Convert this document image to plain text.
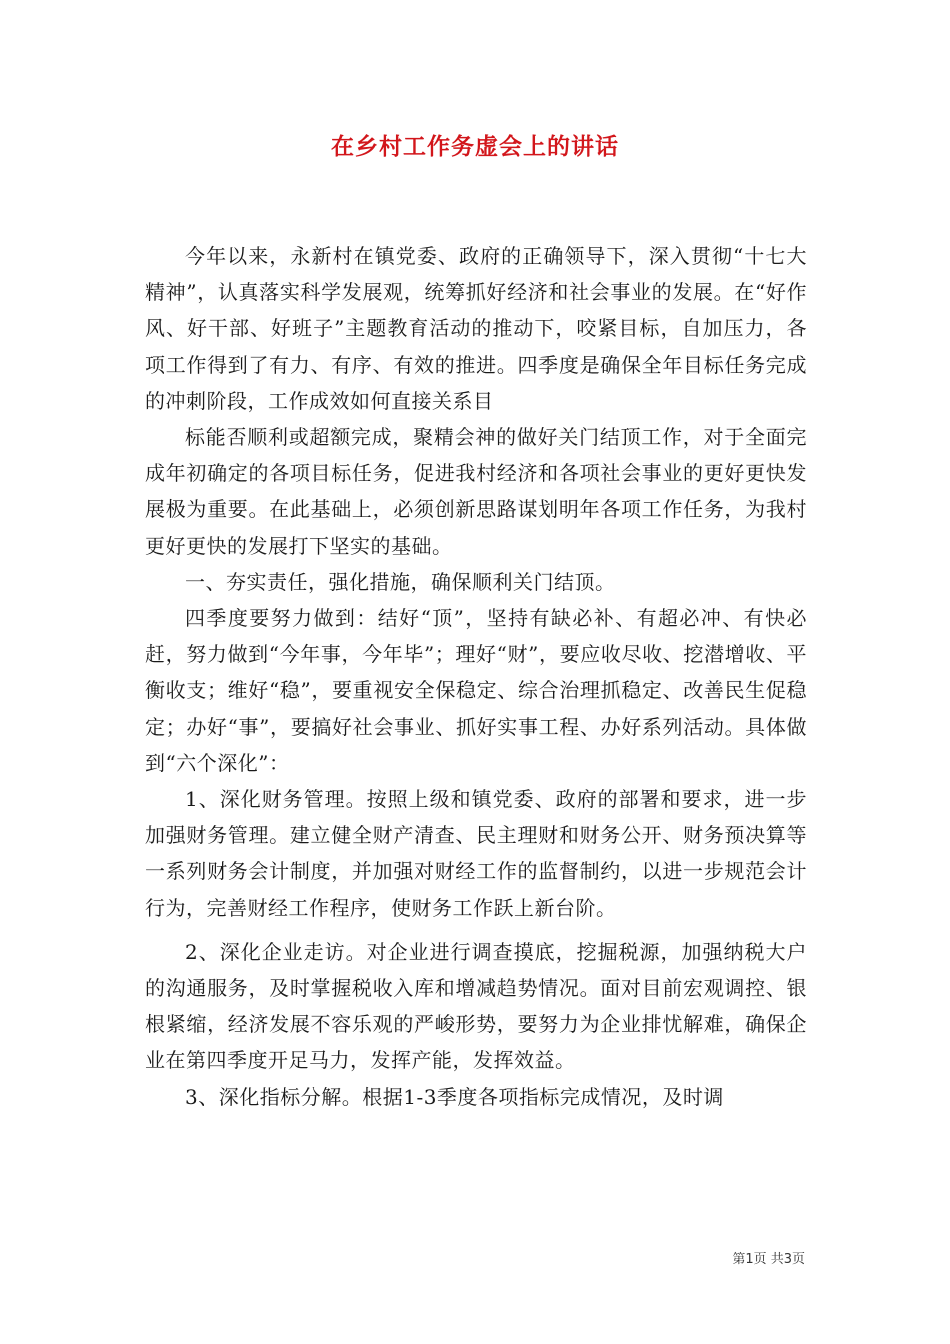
在乡村工作务虚会上的讲话

今年以来，永新村在镇党委、政府的正确领导下，深入贯彻“十七大精神”，认真落实科学发展观，统筹抓好经济和社会事业的发展。在“好作风、好干部、好班子”主题教育活动的推动下，咬紧目标，自加压力，各项工作得到了有力、有序、有效的推进。四季度是确保全年目标任务完成的冲刺阶段，工作成效如何直接关系目

标能否顺利或超额完成，聚精会神的做好关门结顶工作，对于全面完成年初确定的各项目标任务，促进我村经济和各项社会事业的更好更快发展极为重要。在此基础上，必须创新思路谋划明年各项工作任务，为我村更好更快的发展打下坚实的基础。

一、夯实责任，强化措施，确保顺利关门结顶。

四季度要努力做到：结好“顶”，坚持有缺必补、有超必冲、有快必赶，努力做到“今年事，今年毕”；理好“财”，要应收尽收、挖潜增收、平衡收支；维好“稳”，要重视安全保稳定、综合治理抓稳定、改善民生促稳定；办好“事”，要搞好社会事业、抓好实事工程、办好系列活动。具体做到“六个深化”：

1、深化财务管理。按照上级和镇党委、政府的部署和要求，进一步加强财务管理。建立健全财产清查、民主理财和财务公开、财务预决算等一系列财务会计制度，并加强对财经工作的监督制约，以进一步规范会计行为，完善财经工作程序，使财务工作跃上新台阶。

2、深化企业走访。对企业进行调查摸底，挖掘税源，加强纳税大户的沟通服务，及时掌握税收入库和增减趋势情况。面对目前宏观调控、银根紧缩，经济发展不容乐观的严峻形势，要努力为企业排忧解难，确保企业在第四季度开足马力，发挥产能，发挥效益。

3、深化指标分解。根据1-3季度各项指标完成情况，及时调

第1页 共3页
